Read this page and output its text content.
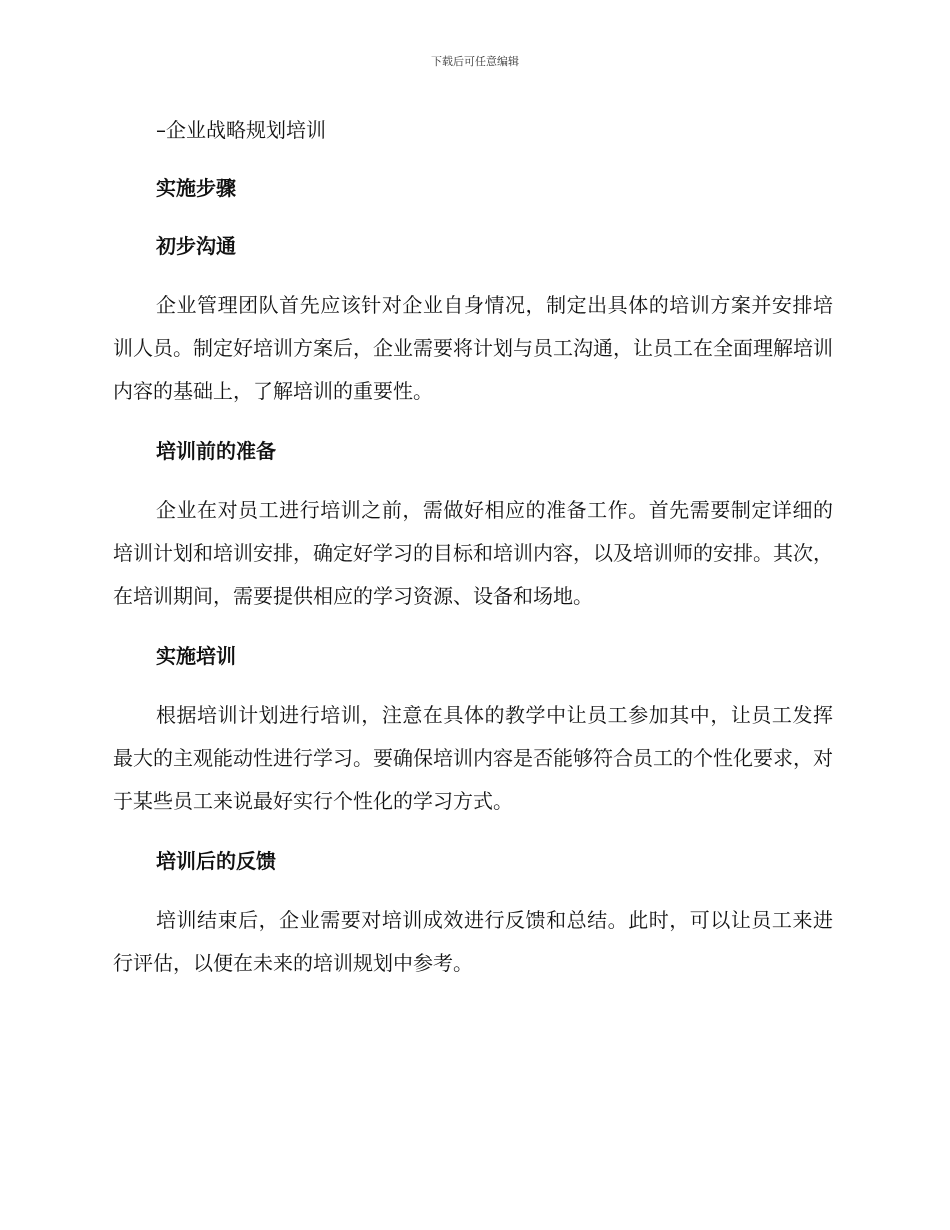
下载后可任意编辑

–企业战略规划培训

实施步骤
初步沟通

企业管理团队首先应该针对企业自身情况，制定出具体的培训方案并安排培训人员。制定好培训方案后，企业需要将计划与员工沟通，让员工在全面理解培训内容的基础上，了解培训的重要性。

培训前的准备

企业在对员工进行培训之前，需做好相应的准备工作。首先需要制定详细的培训计划和培训安排，确定好学习的目标和培训内容，以及培训师的安排。其次，在培训期间，需要提供相应的学习资源、设备和场地。

实施培训

根据培训计划进行培训，注意在具体的教学中让员工参加其中，让员工发挥最大的主观能动性进行学习。要确保培训内容是否能够符合员工的个性化要求，对于某些员工来说最好实行个性化的学习方式。

培训后的反馈

培训结束后，企业需要对培训成效进行反馈和总结。此时，可以让员工来进行评估，以便在未来的培训规划中参考。
